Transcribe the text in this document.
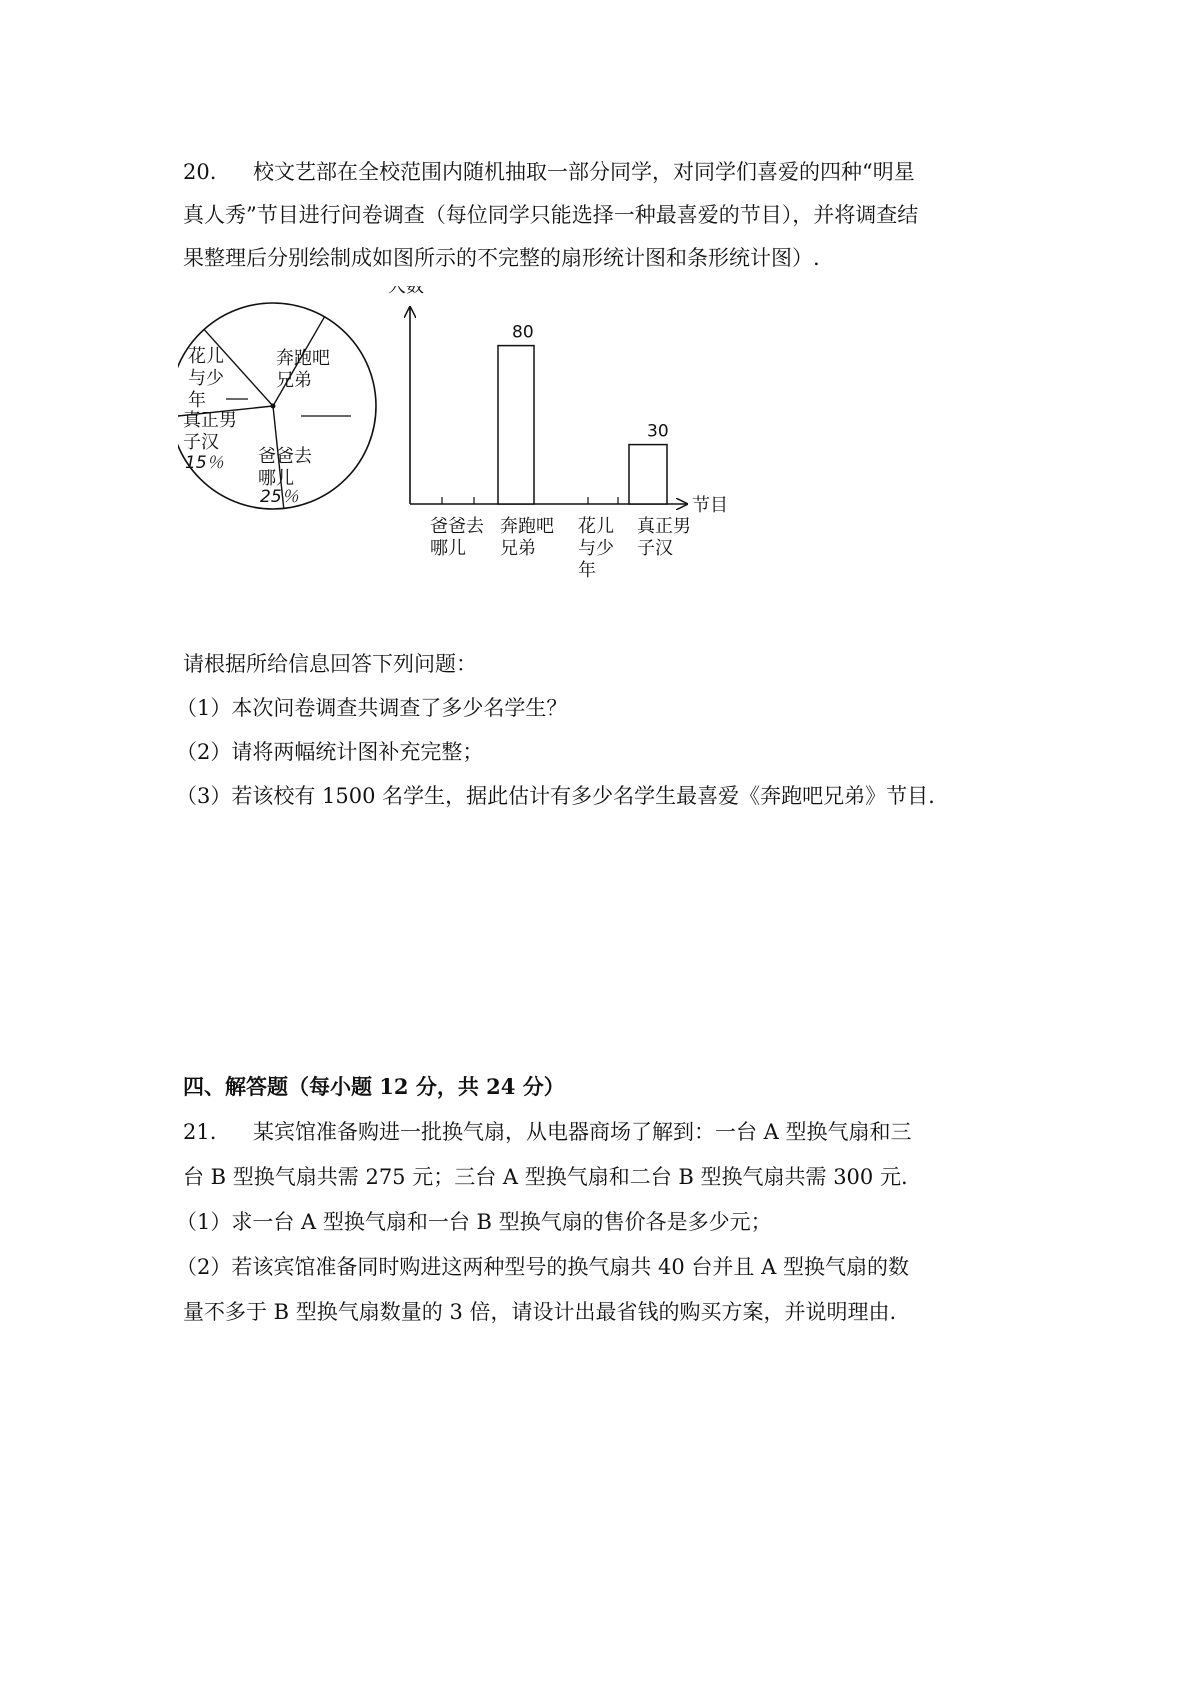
20. 校文艺部在全校范围内随机抽取一部分同学，对同学们喜爱的四种“明星
真人秀”节目进行问卷调查（每位同学只能选择一种最喜爱的节目），并将调查结
果整理后分别绘制成如图所示的不完整的扇形统计图和条形统计图）.
奔跑吧
兄弟
爸爸去
哪儿
25％
真正男
子汉
15％
花儿
与少
年
人数
节目
爸爸去
哪儿
80
奔跑吧
兄弟
花儿
与少
年
30
真正男
子汉
请根据所给信息回答下列问题：
（1）本次问卷调查共调查了多少名学生？
（2）请将两幅统计图补充完整；
（3）若该校有 1500 名学生，据此估计有多少名学生最喜爱《奔跑吧兄弟》节目.
四、解答题（每小题 12 分，共 24 分）
21. 某宾馆准备购进一批换气扇，从电器商场了解到：一台 A 型换气扇和三
台 B 型换气扇共需 275 元；三台 A 型换气扇和二台 B 型换气扇共需 300 元.
（1）求一台 A 型换气扇和一台 B 型换气扇的售价各是多少元；
（2）若该宾馆准备同时购进这两种型号的换气扇共 40 台并且 A 型换气扇的数
量不多于 B 型换气扇数量的 3 倍，请设计出最省钱的购买方案，并说明理由.
